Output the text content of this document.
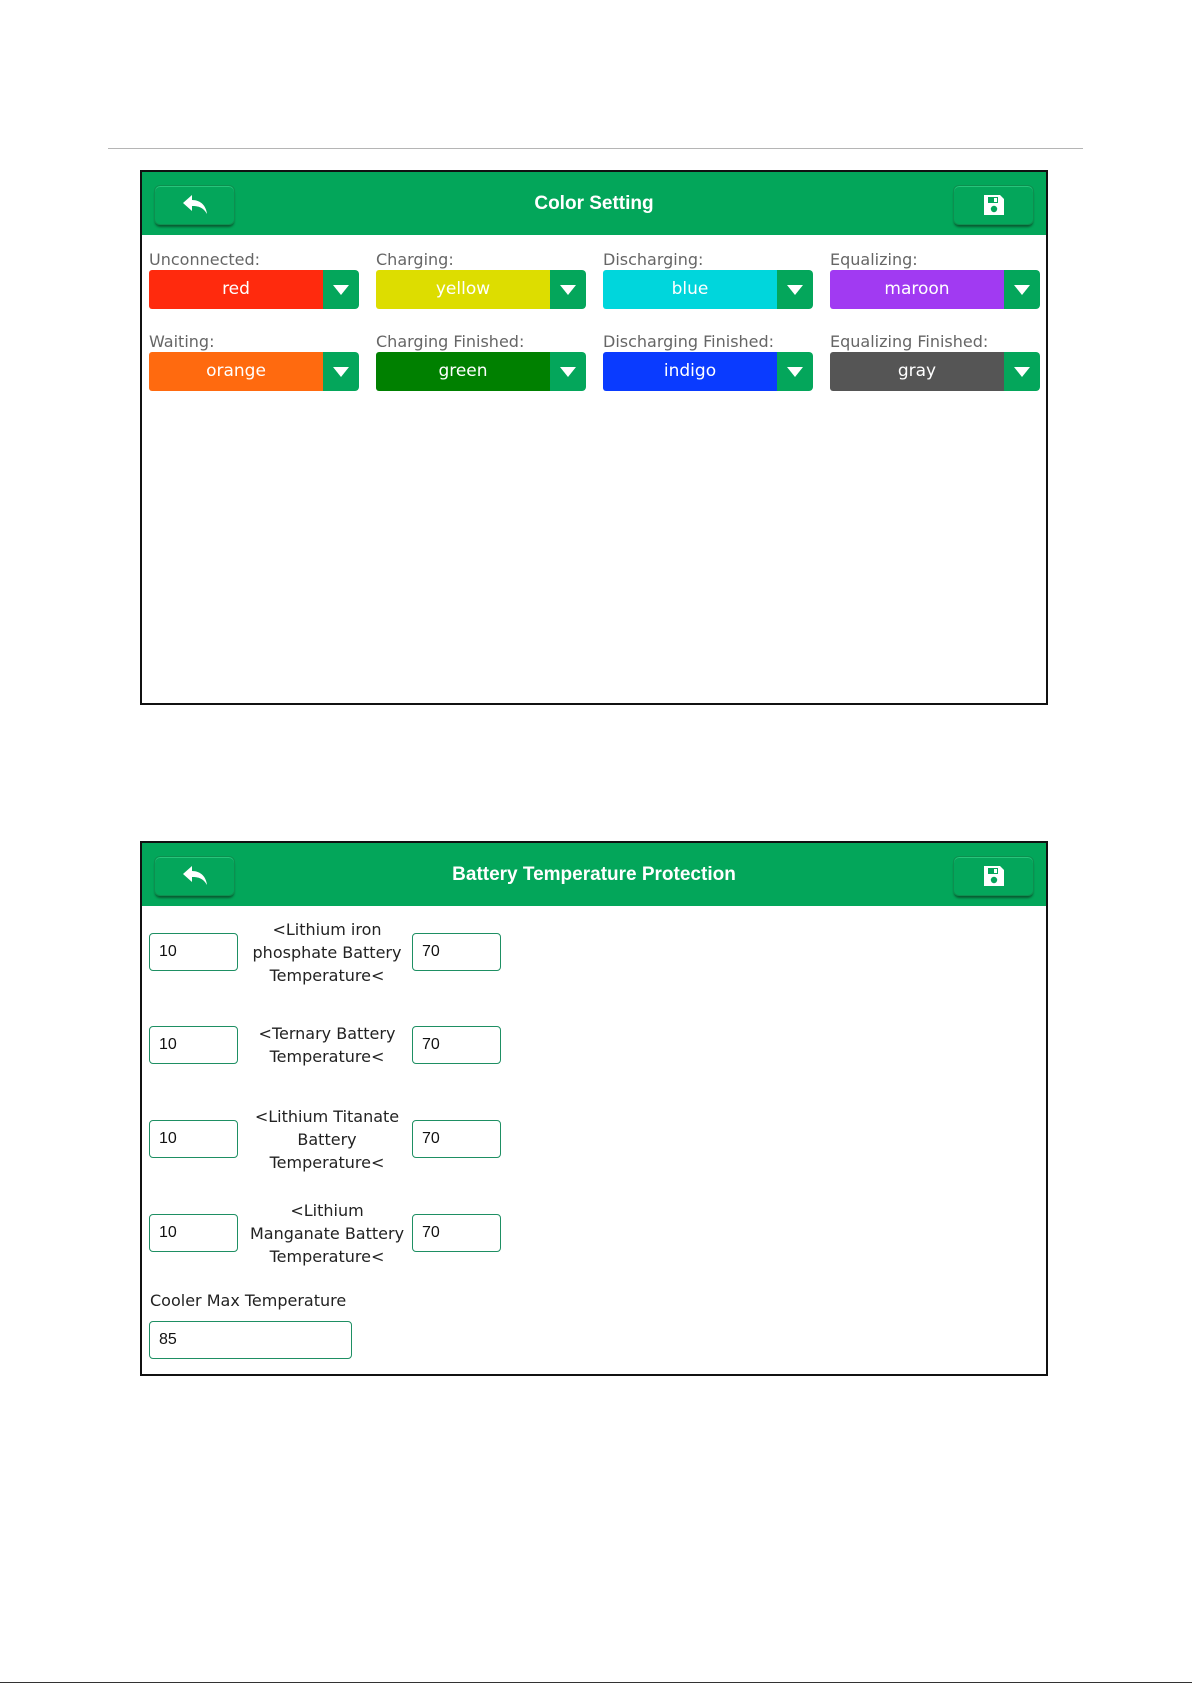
Color Setting
Unconnected:
red
Charging:
yellow
Discharging:
blue
Equalizing:
maroon
Waiting:
orange
Charging Finished:
green
Discharging Finished:
indigo
Equalizing Finished:
gray
Battery Temperature Protection
10
<Lithium iron
phosphate Battery
Temperature<
70
10
<Ternary Battery
Temperature<
70
10
<Lithium Titanate
Battery
Temperature<
70
10
<Lithium
Manganate Battery
Temperature<
70
Cooler Max Temperature
85
